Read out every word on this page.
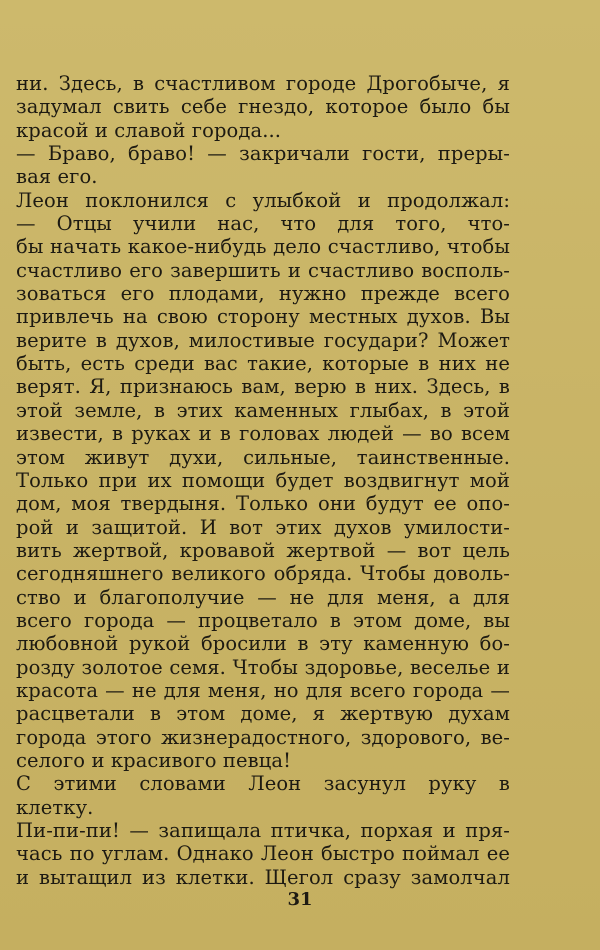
ни. Здесь, в счастливом городе Дрогобыче, я
задумал свить себе гнездо, которое было бы
красой и славой города...
— Браво, браво! — закричали гости, преры-
вая его.
Леон поклонился с улыбкой и продолжал:
— Отцы учили нас, что для того, что-
бы начать какое-нибудь дело счастливо, чтобы
счастливо его завершить и счастливо восполь-
зоваться его плодами, нужно прежде всего
привлечь на свою сторону местных духов. Вы
верите в духов, милостивые государи? Может
быть, есть среди вас такие, которые в них не
верят. Я, признаюсь вам, верю в них. Здесь, в
этой земле, в этих каменных глыбах, в этой
извести, в руках и в головах людей — во всем
этом живут духи, сильные, таинственные.
Только при их помощи будет воздвигнут мой
дом, моя твердыня. Только они будут ее опо-
рой и защитой. И вот этих духов умилости-
вить жертвой, кровавой жертвой — вот цель
сегодняшнего великого обряда. Чтобы доволь-
ство и благополучие — не для меня, а для
всего города — процветало в этом доме, вы
любовной рукой бросили в эту каменную бо-
розду золотое семя. Чтобы здоровье, веселье и
красота — не для меня, но для всего города —
расцветали в этом доме, я жертвую духам
города этого жизнерадостного, здорового, ве-
селого и красивого певца!
С этими словами Леон засунул руку в
клетку.
Пи-пи-пи! — запищала птичка, порхая и пря-
чась по углам. Однако Леон быстро поймал ее
и вытащил из клетки. Щегол сразу замолчал
31
